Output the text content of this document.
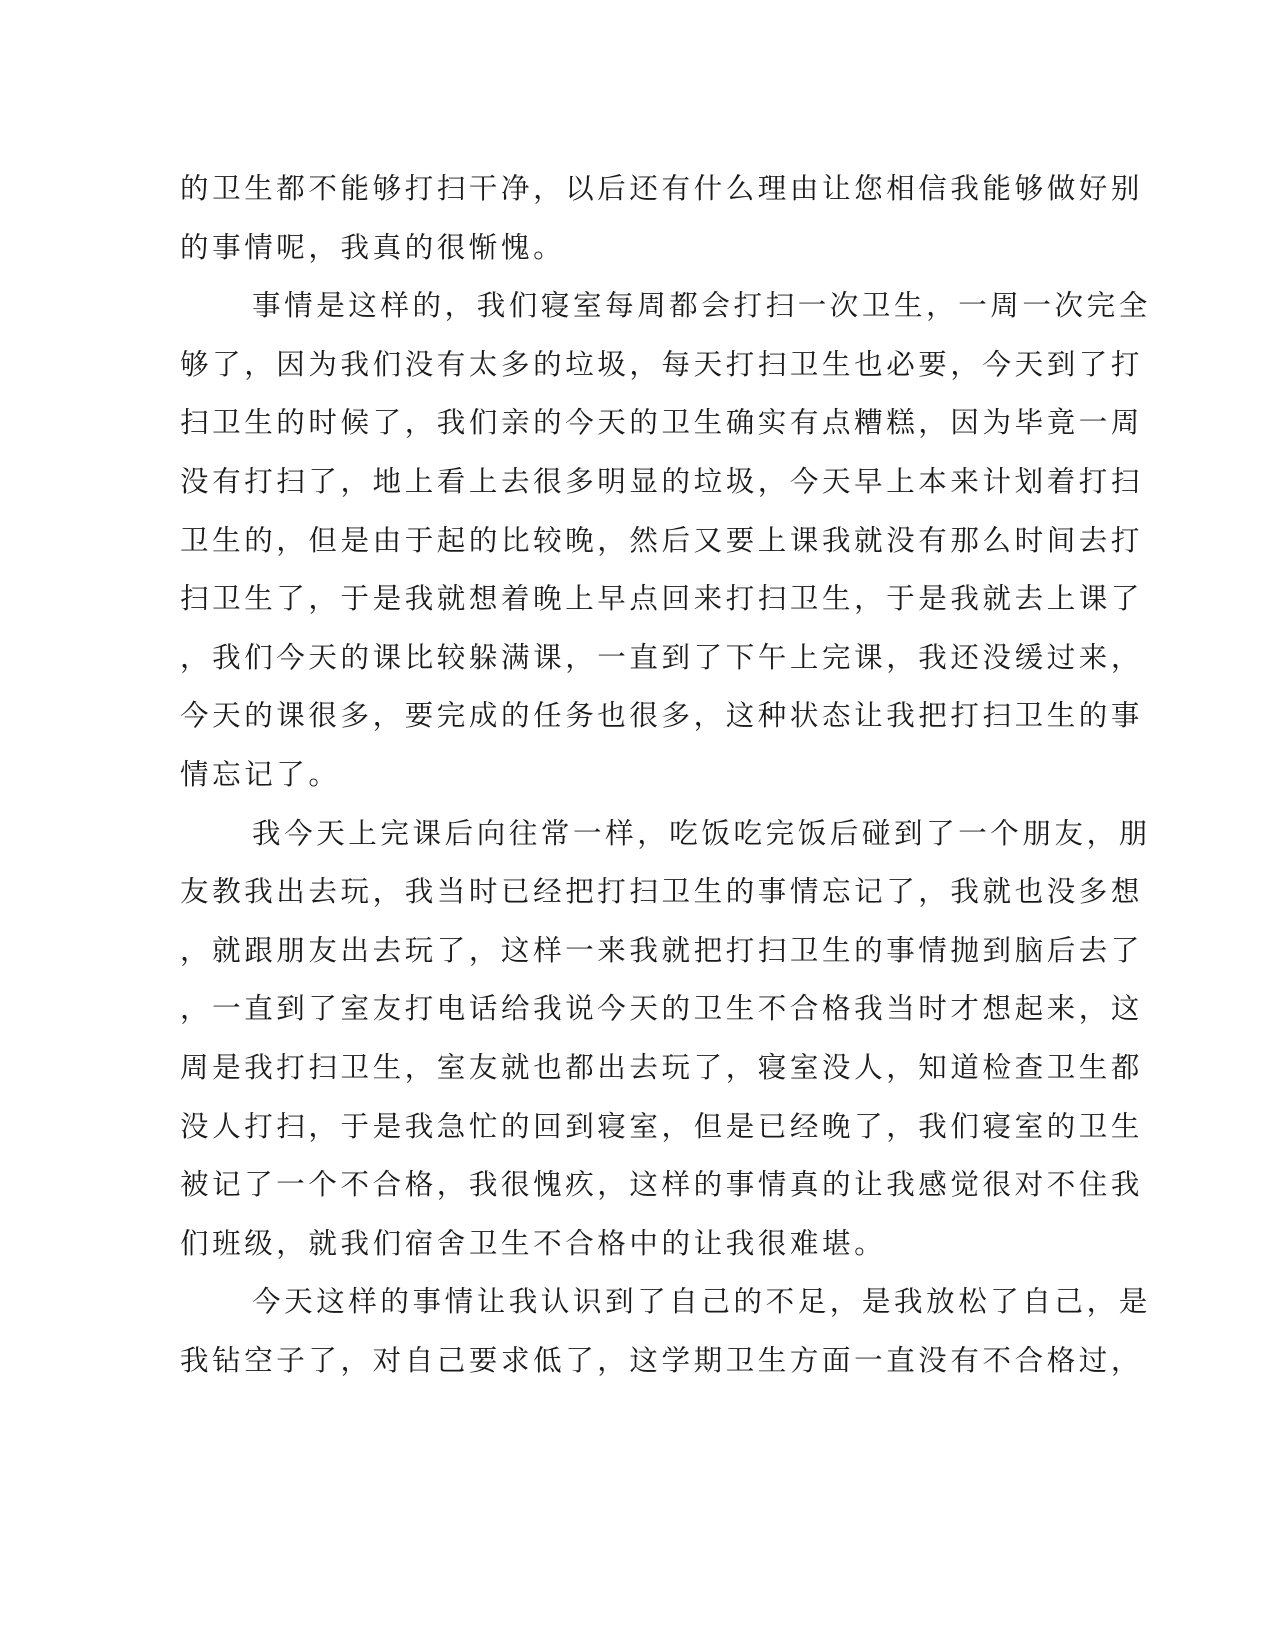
的卫生都不能够打扫干净，以后还有什么理由让您相信我能够做好别
的事情呢，我真的很惭愧。
事情是这样的，我们寝室每周都会打扫一次卫生，一周一次完全
够了，因为我们没有太多的垃圾，每天打扫卫生也必要，今天到了打
扫卫生的时候了，我们亲的今天的卫生确实有点糟糕，因为毕竟一周
没有打扫了，地上看上去很多明显的垃圾，今天早上本来计划着打扫
卫生的，但是由于起的比较晚，然后又要上课我就没有那么时间去打
扫卫生了，于是我就想着晚上早点回来打扫卫生，于是我就去上课了
，我们今天的课比较躲满课，一直到了下午上完课，我还没缓过来，
今天的课很多，要完成的任务也很多，这种状态让我把打扫卫生的事
情忘记了。
我今天上完课后向往常一样，吃饭吃完饭后碰到了一个朋友，朋
友教我出去玩，我当时已经把打扫卫生的事情忘记了，我就也没多想
，就跟朋友出去玩了，这样一来我就把打扫卫生的事情抛到脑后去了
，一直到了室友打电话给我说今天的卫生不合格我当时才想起来，这
周是我打扫卫生，室友就也都出去玩了，寝室没人，知道检查卫生都
没人打扫，于是我急忙的回到寝室，但是已经晚了，我们寝室的卫生
被记了一个不合格，我很愧疚，这样的事情真的让我感觉很对不住我
们班级，就我们宿舍卫生不合格中的让我很难堪。
今天这样的事情让我认识到了自己的不足，是我放松了自己，是
我钻空子了，对自己要求低了，这学期卫生方面一直没有不合格过，
